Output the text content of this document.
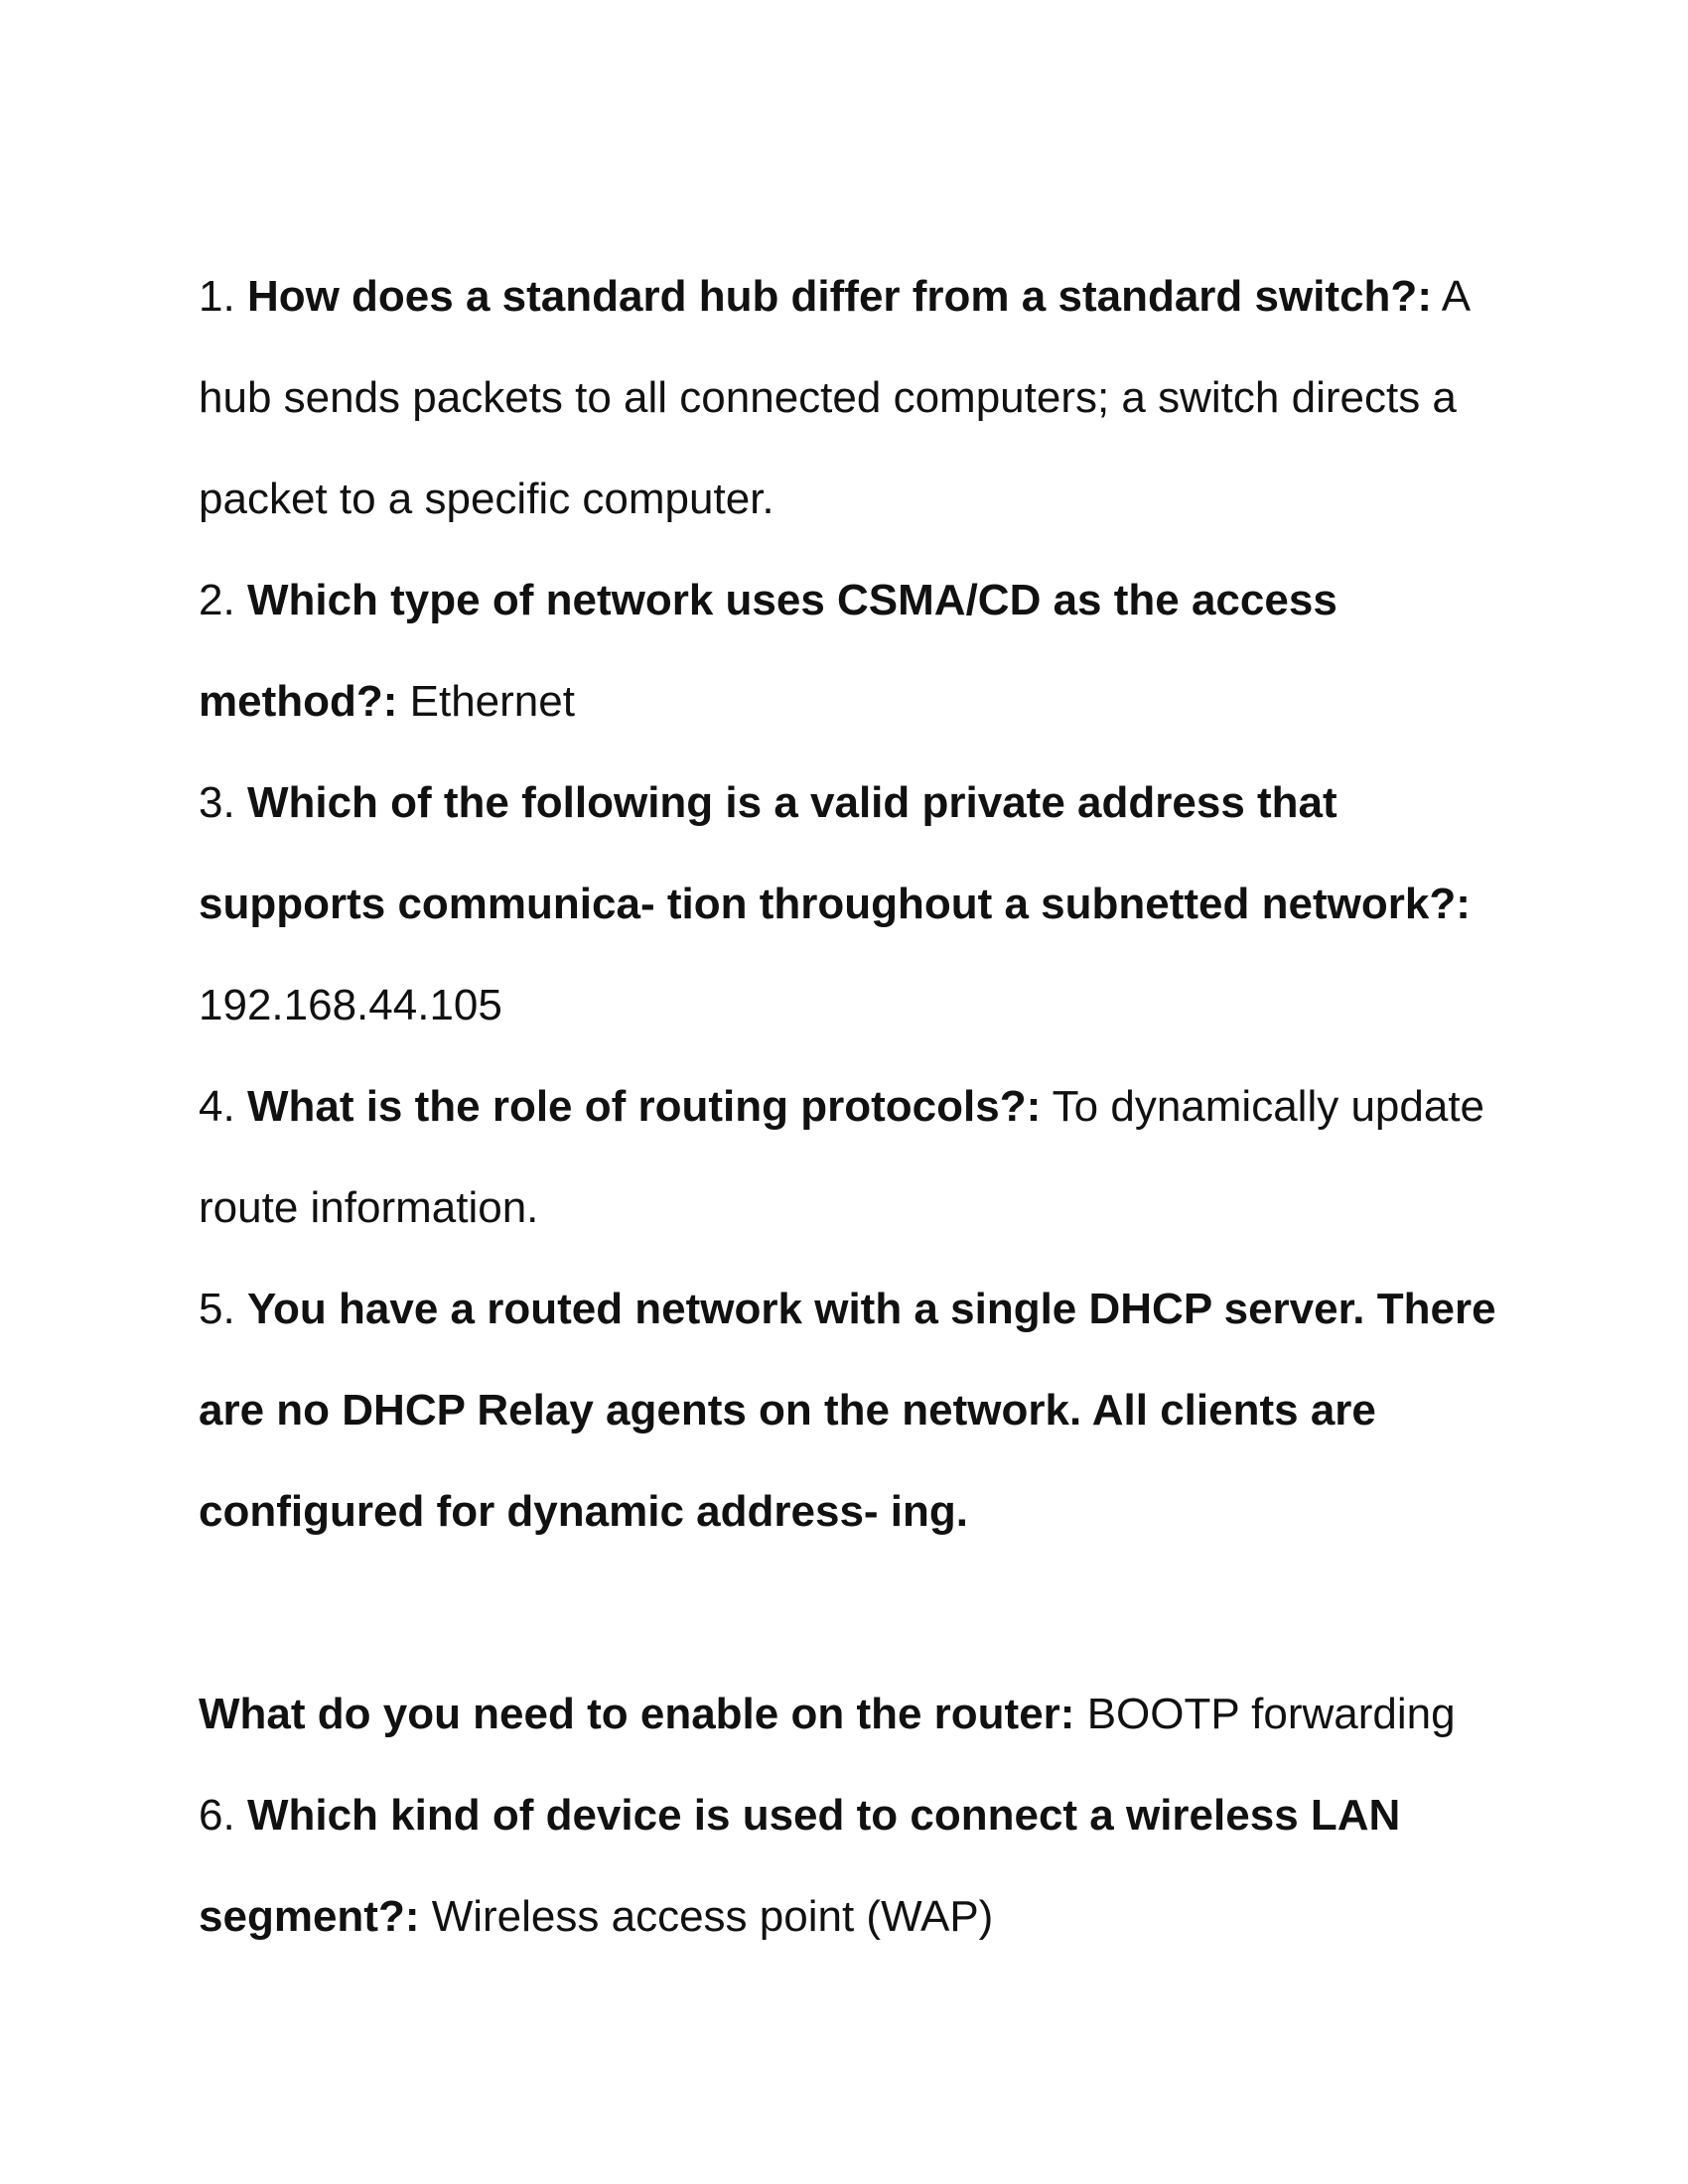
1. How does a standard hub differ from a standard switch?: A hub sends packets to all connected computers; a switch directs a packet to a specific computer.

2. Which type of network uses CSMA/CD as the access method?: Ethernet

3. Which of the following is a valid private address that supports communica- tion throughout a subnetted network?: 192.168.44.105

4. What is the role of routing protocols?: To dynamically update route information.

5. You have a routed network with a single DHCP server. There are no DHCP Relay agents on the network. All clients are configured for dynamic address- ing.

What do you need to enable on the router: BOOTP forwarding

6. Which kind of device is used to connect a wireless LAN segment?: Wireless access point (WAP)
